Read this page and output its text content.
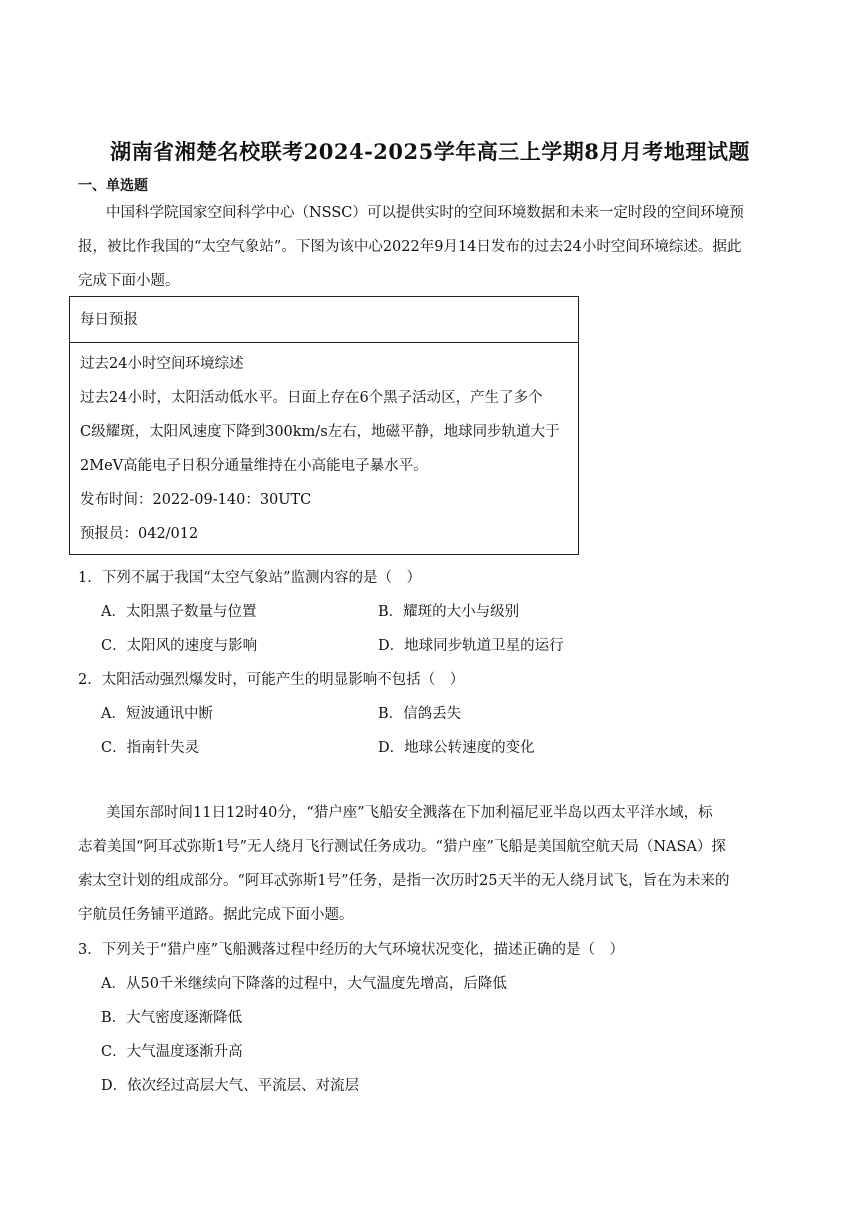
湖南省湘楚名校联考2024-2025学年高三上学期8月月考地理试题
一、单选题
中国科学院国家空间科学中心（NSSC）可以提供实时的空间环境数据和未来一定时段的空间环境预
报，被比作我国的“太空气象站”。下图为该中心2022年9月14日发布的过去24小时空间环境综述。据此
完成下面小题。
每日预报
过去24小时空间环境综述
过去24小时，太阳活动低水平。日面上存在6个黑子活动区，产生了多个
C级耀斑，太阳风速度下降到300km/s左右，地磁平静，地球同步轨道大于
2MeV高能电子日积分通量维持在小高能电子暴水平。
发布时间：2022-09-140：30UTC
预报员：042/012
1．下列不属于我国“太空气象站”监测内容的是（　）
A．太阳黑子数量与位置	B．耀斑的大小与级别
C．太阳风的速度与影响	D．地球同步轨道卫星的运行
2．太阳活动强烈爆发时，可能产生的明显影响不包括（　）
A．短波通讯中断	B．信鸽丢失
C．指南针失灵	D．地球公转速度的变化
美国东部时间11日12时40分，“猎户座”飞船安全溅落在下加利福尼亚半岛以西太平洋水域，标
志着美国“阿耳忒弥斯1号”无人绕月飞行测试任务成功。“猎户座”飞船是美国航空航天局（NASA）探
索太空计划的组成部分。“阿耳忒弥斯1号”任务，是指一次历时25天半的无人绕月试飞，旨在为未来的
宇航员任务铺平道路。据此完成下面小题。
3．下列关于“猎户座”飞船溅落过程中经历的大气环境状况变化，描述正确的是（　）
A．从50千米继续向下降落的过程中，大气温度先增高，后降低
B．大气密度逐渐降低
C．大气温度逐渐升高
D．依次经过高层大气、平流层、对流层
